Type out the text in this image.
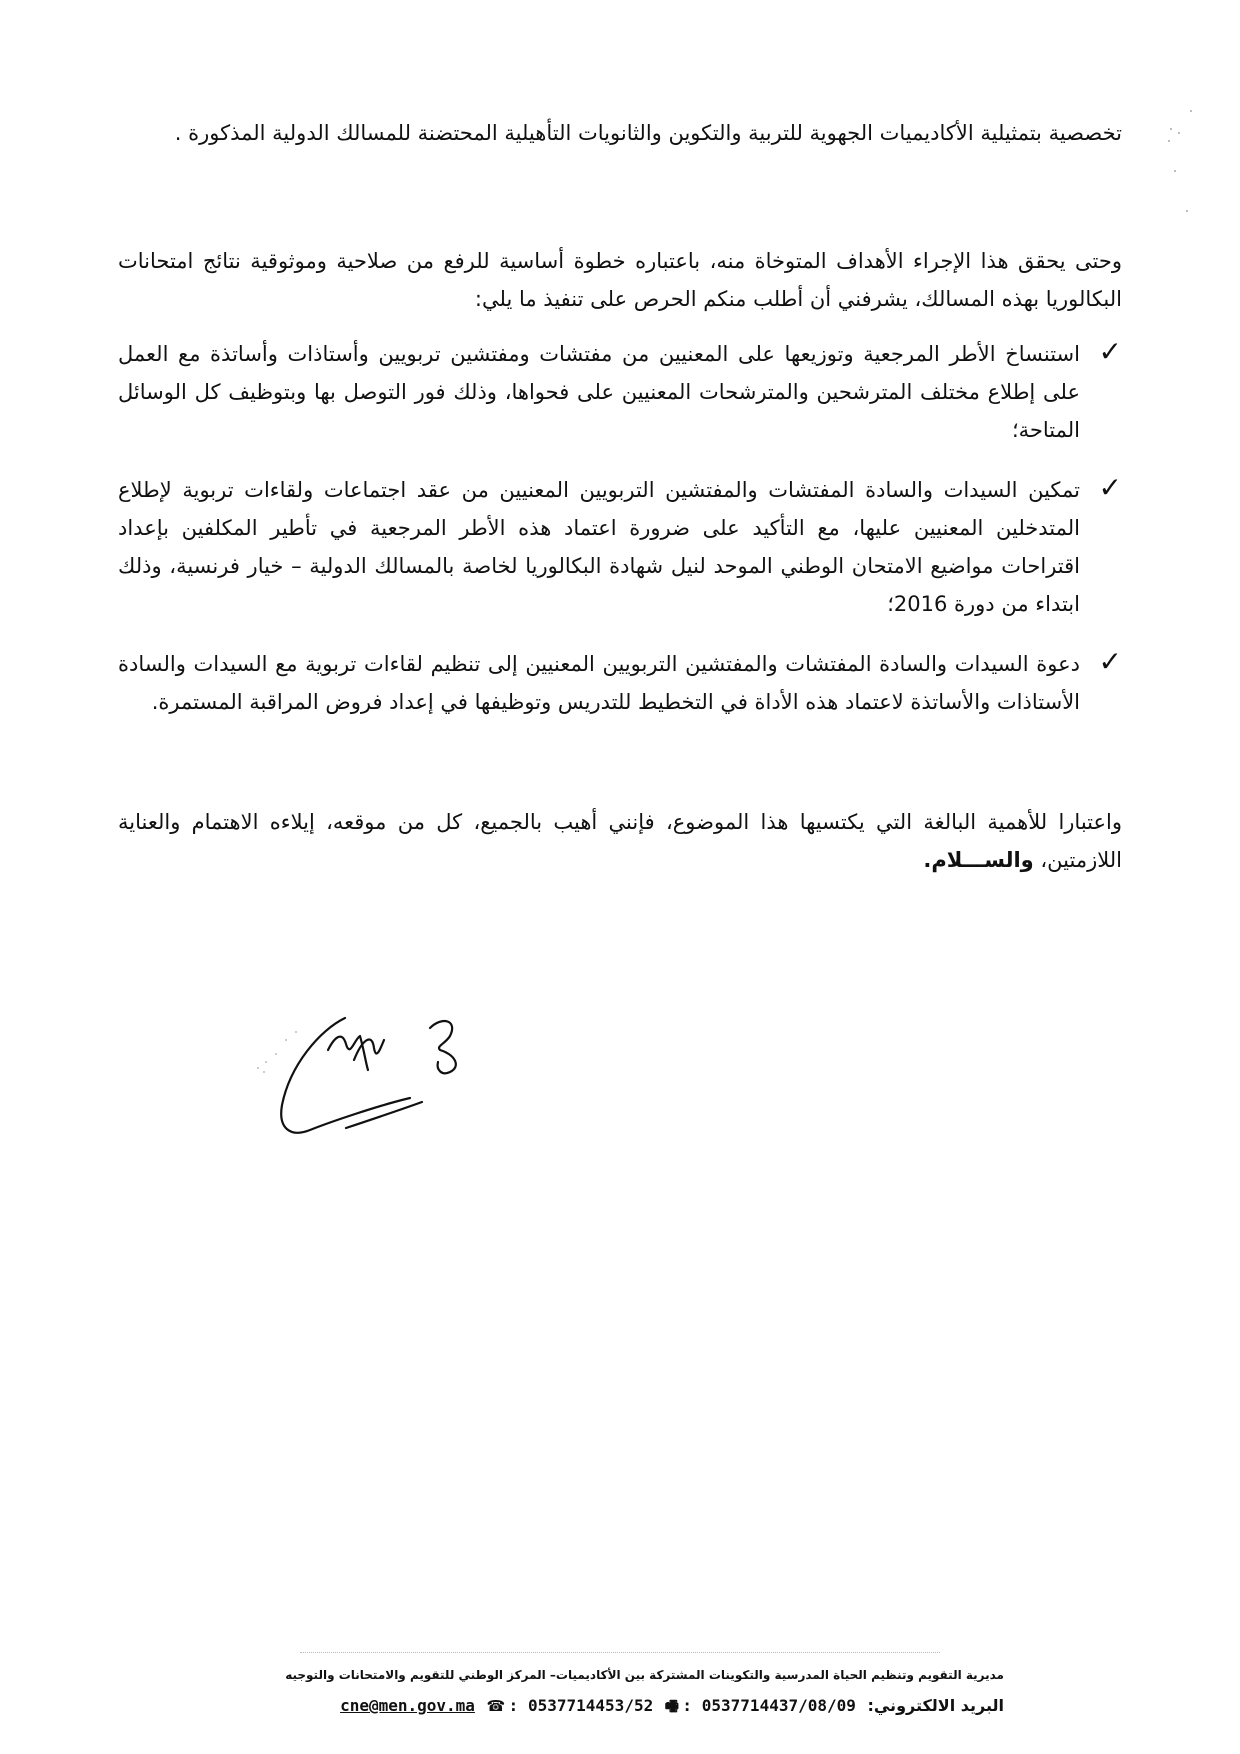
تخصصية بتمثيلية الأكاديميات الجهوية للتربية والتكوين والثانويات التأهيلية المحتضنة للمسالك الدولية المذكورة .

وحتى يحقق هذا الإجراء الأهداف المتوخاة منه، باعتباره خطوة أساسية للرفع من صلاحية وموثوقية نتائج امتحانات البكالوريا بهذه المسالك، يشرفني أن أطلب منكم الحرص على تنفيذ ما يلي:

✓
استنساخ الأطر المرجعية وتوزيعها على المعنيين من مفتشات ومفتشين تربويين وأستاذات وأساتذة مع العمل على إطلاع مختلف المترشحين والمترشحات المعنيين على فحواها، وذلك فور التوصل بها وبتوظيف كل الوسائل المتاحة؛
✓
تمكين السيدات والسادة المفتشات والمفتشين التربويين المعنيين من عقد اجتماعات ولقاءات تربوية لإطلاع المتدخلين المعنيين عليها، مع التأكيد على ضرورة اعتماد هذه الأطر المرجعية في تأطير المكلفين بإعداد اقتراحات مواضيع الامتحان الوطني الموحد لنيل شهادة البكالوريا لخاصة بالمسالك الدولية – خيار فرنسية، وذلك ابتداء من دورة 2016؛
✓
دعوة السيدات والسادة المفتشات والمفتشين التربويين المعنيين إلى تنظيم لقاءات تربوية مع السيدات والسادة الأستاذات والأساتذة لاعتماد هذه الأداة في التخطيط للتدريس وتوظيفها في إعداد فروض المراقبة المستمرة.

واعتبارا للأهمية البالغة التي يكتسيها هذا الموضوع، فإنني أهيب بالجميع، كل من موقعه، إيلاءه الاهتمام والعناية اللازمتين، والســـلام.

مديرية التقويم وتنظيم الحياة المدرسية والتكوينات المشتركة بين الأكاديميات– المركز الوطني للتقويم والامتحانات والتوجيه
البريد الالكتروني: cne@men.gov.ma ☎ : 0537714453/52 🖷 : 0537714437/08/09
